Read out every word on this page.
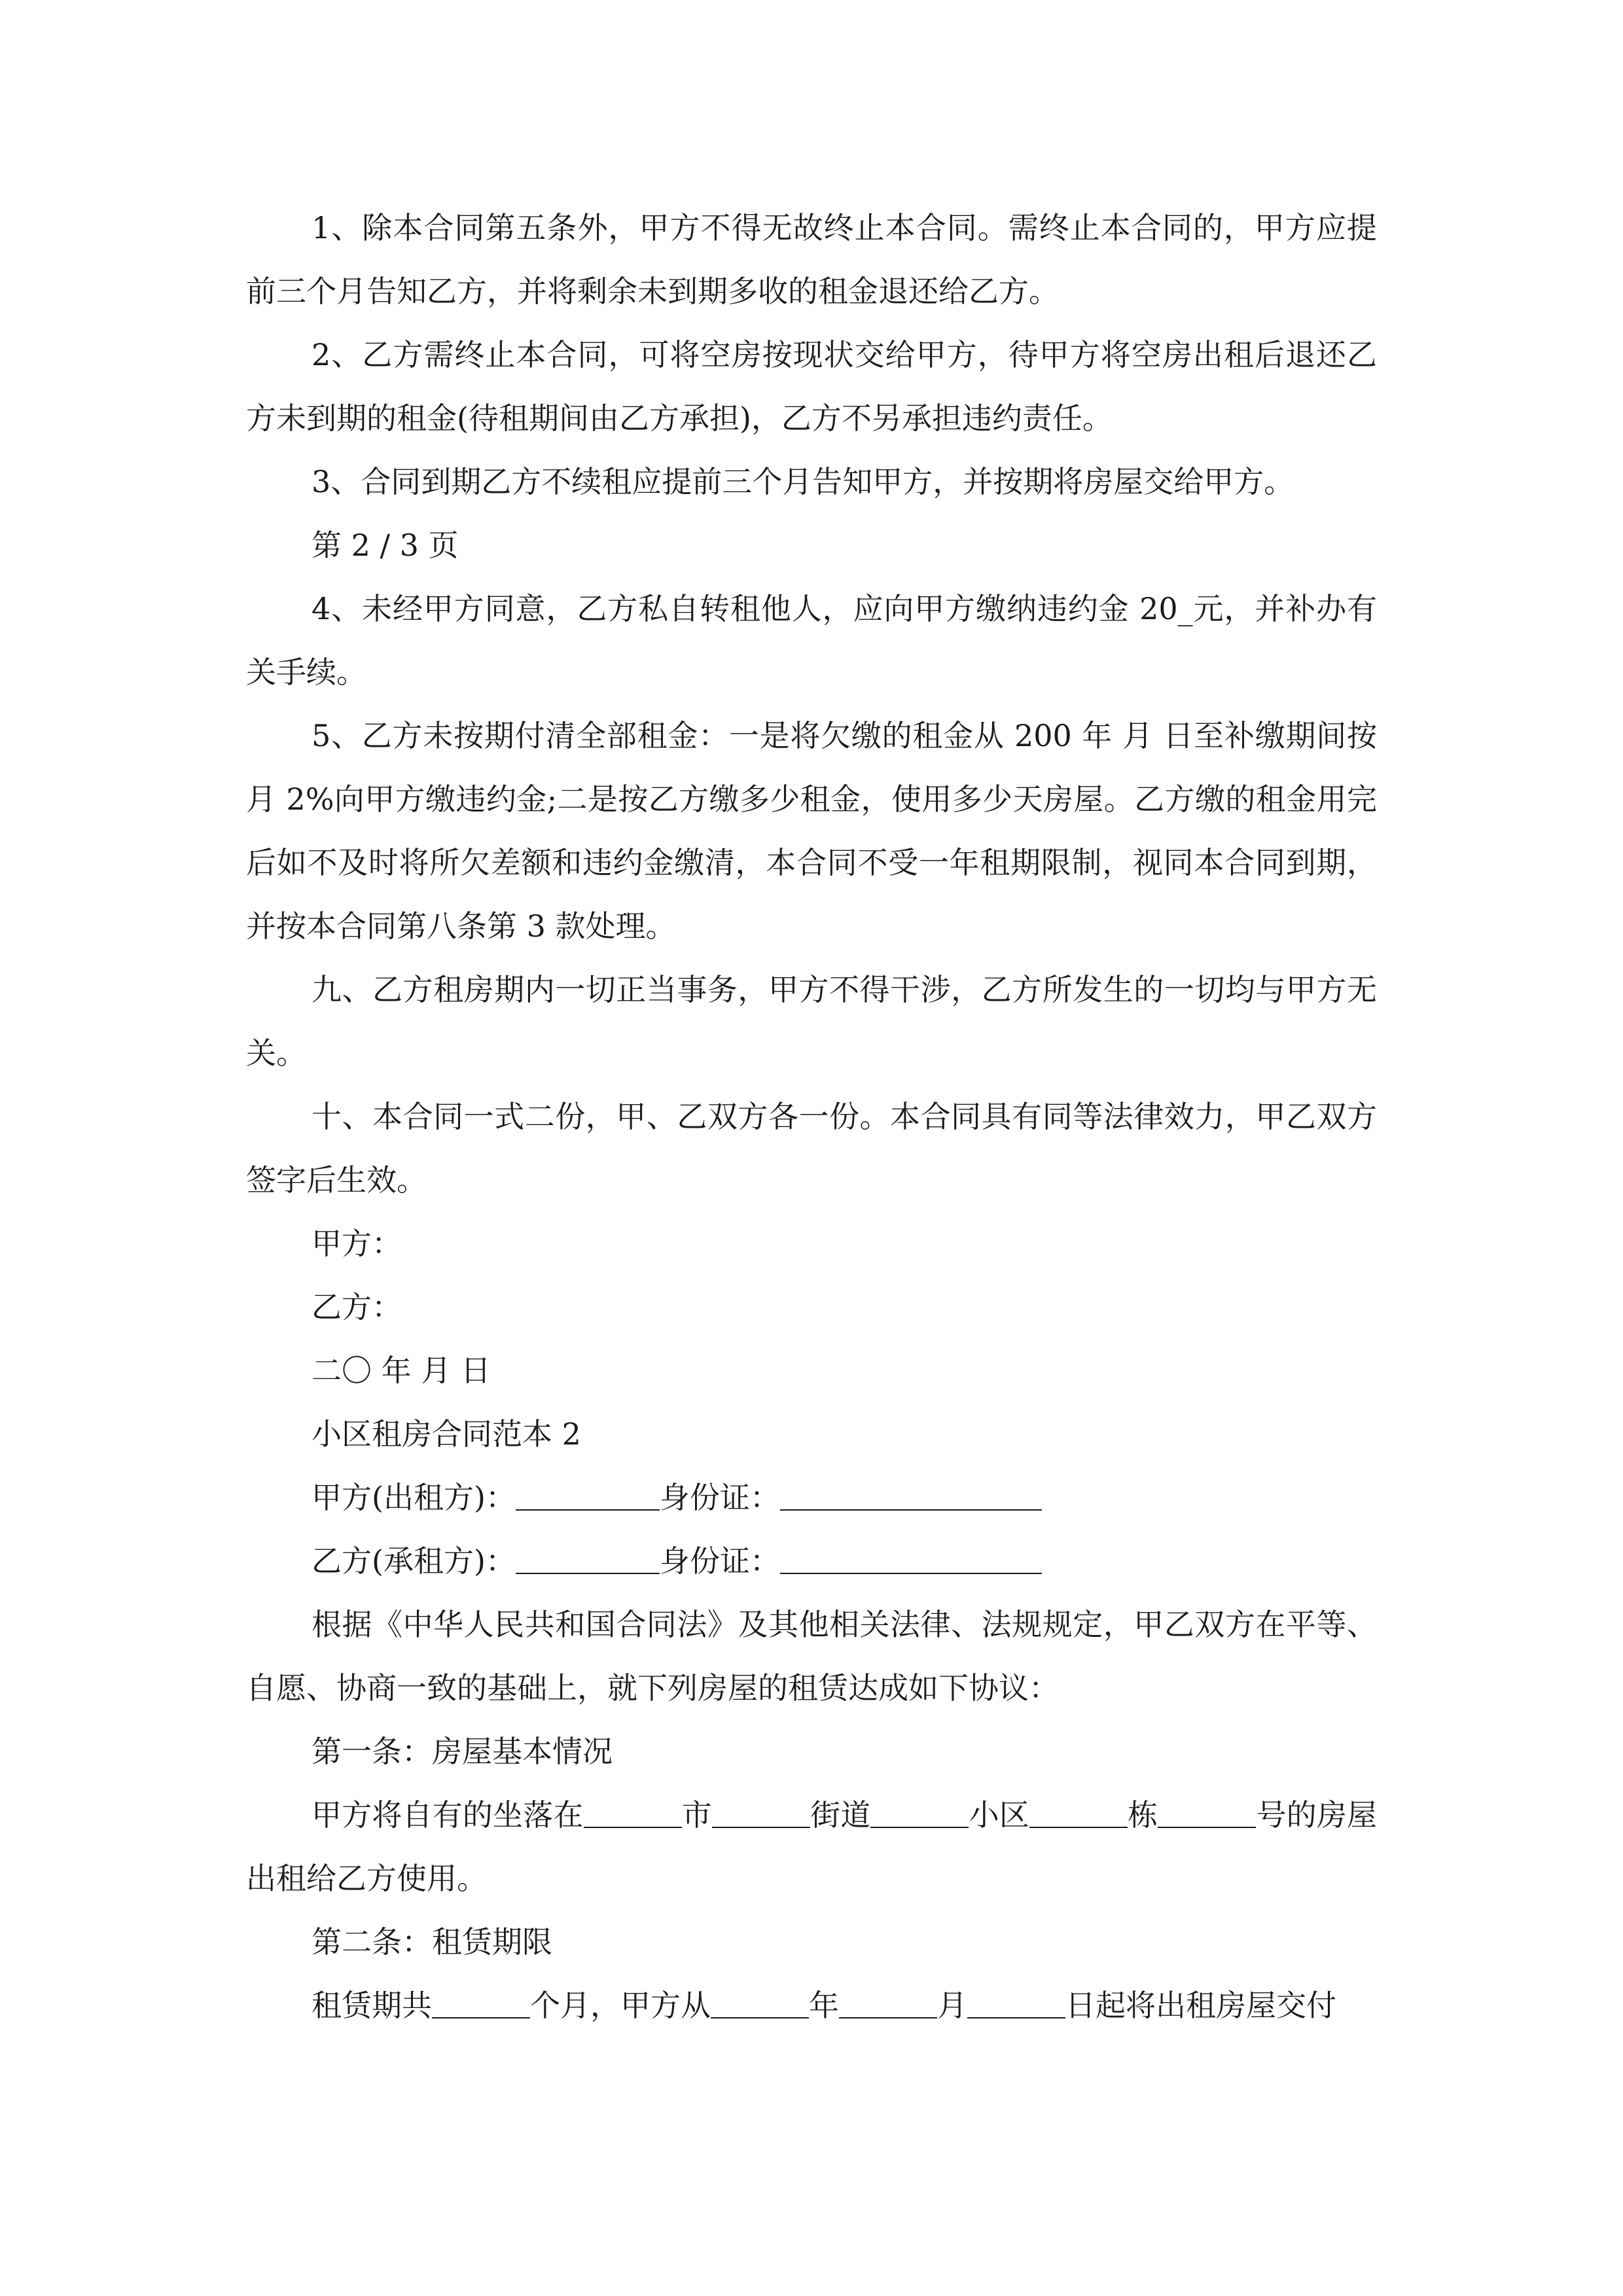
1、除本合同第五条外，甲方不得无故终止本合同。需终止本合同的，甲方应提前三个月告知乙方，并将剩余未到期多收的租金退还给乙方。

2、乙方需终止本合同，可将空房按现状交给甲方，待甲方将空房出租后退还乙方未到期的租金(待租期间由乙方承担)，乙方不另承担违约责任。

3、合同到期乙方不续租应提前三个月告知甲方，并按期将房屋交给甲方。

第 2 / 3 页

4、未经甲方同意，乙方私自转租他人，应向甲方缴纳违约金 20_元，并补办有关手续。

5、乙方未按期付清全部租金：一是将欠缴的租金从 200 年 月 日至补缴期间按月 2%向甲方缴违约金;二是按乙方缴多少租金，使用多少天房屋。乙方缴的租金用完后如不及时将所欠差额和违约金缴清，本合同不受一年租期限制，视同本合同到期，并按本合同第八条第 3 款处理。

九、乙方租房期内一切正当事务，甲方不得干涉，乙方所发生的一切均与甲方无关。

十、本合同一式二份，甲、乙双方各一份。本合同具有同等法律效力，甲乙双方签字后生效。

甲方：

乙方：

二〇 年 月 日

小区租房合同范本 2

甲方(出租方)：	身份证：

乙方(承租方)：	身份证：

根据《中华人民共和国合同法》及其他相关法律、法规规定，甲乙双方在平等、自愿、协商一致的基础上，就下列房屋的租赁达成如下协议：

第一条：房屋基本情况

甲方将自有的坐落在	市	街道	小区	栋	号的房屋出租给乙方使用。

第二条：租赁期限

租赁期共	个月，甲方从	年	月	日起将出租房屋交付
